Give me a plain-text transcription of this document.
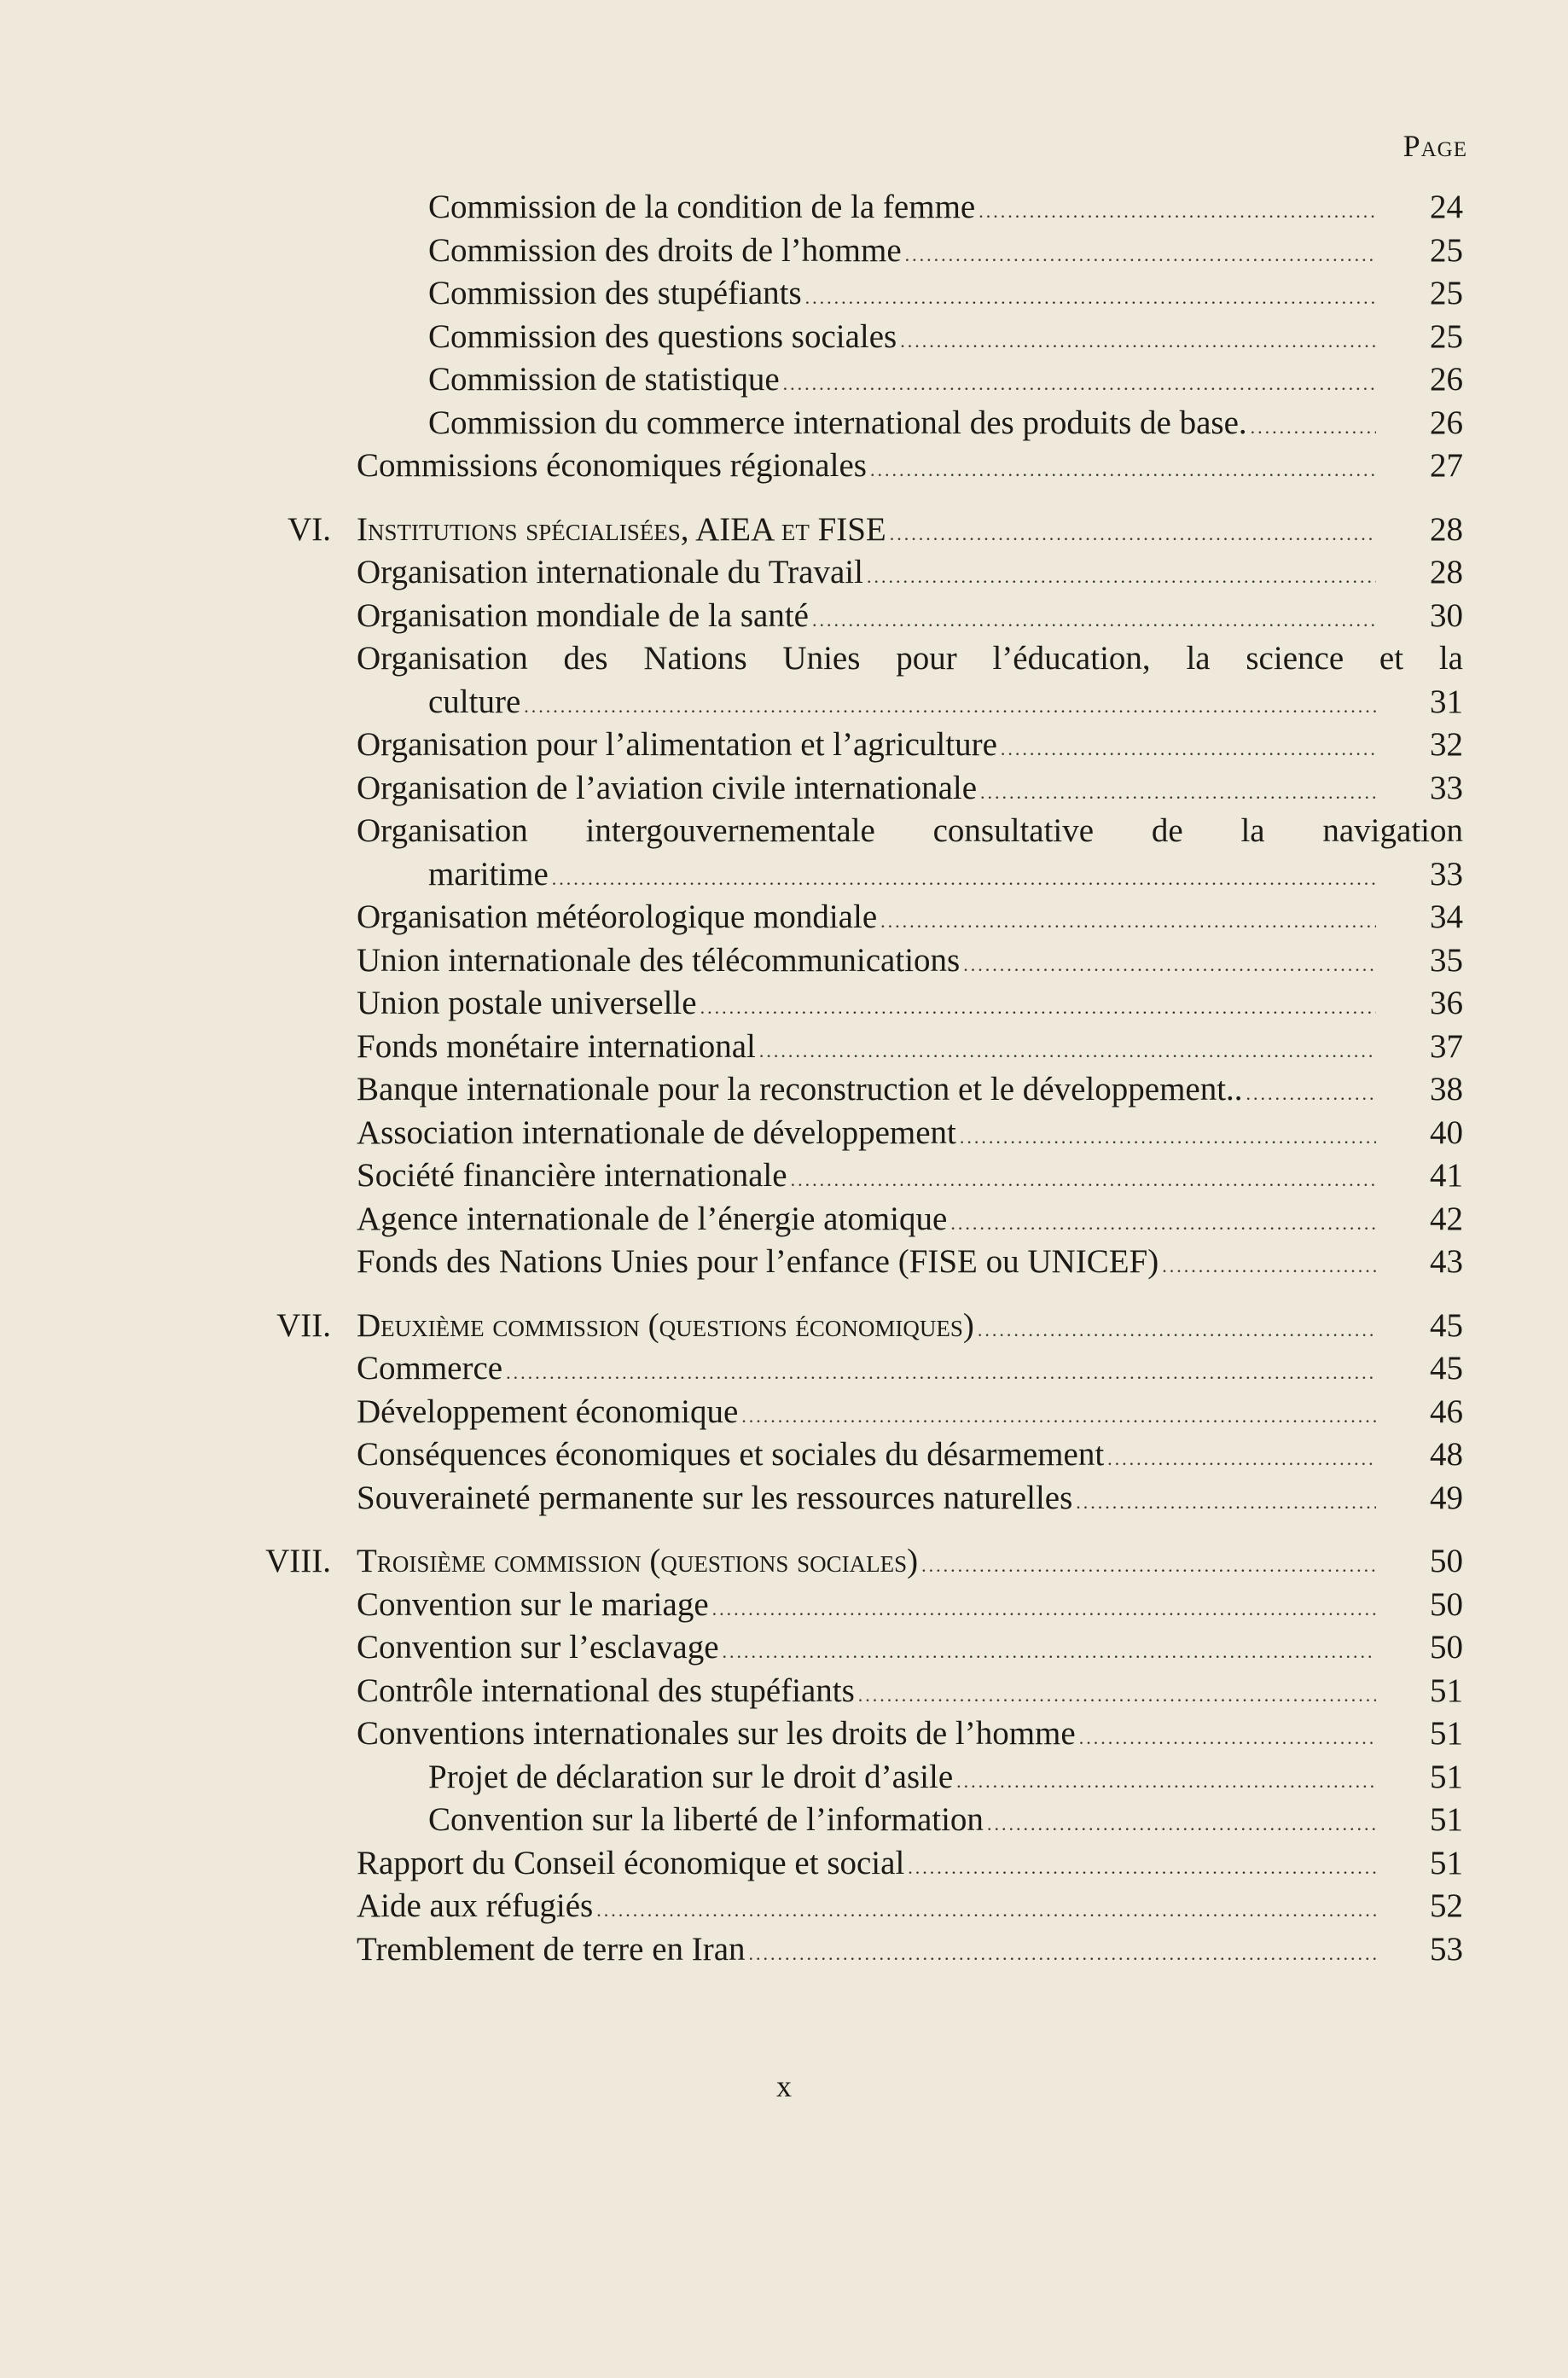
Page
Commission de la condition de la femme .....	24
Commission des droits de l’homme .....	25
Commission des stupéfiants .....	25
Commission des questions sociales .....	25
Commission de statistique .....	26
Commission du commerce international des produits de base. .....	26
Commissions économiques régionales .....	27
VI. Institutions spécialisées, AIEA et FISE .....	28
Organisation internationale du Travail .....	28
Organisation mondiale de la santé .....	30
Organisation des Nations Unies pour l’éducation, la science et la
culture .....	31
Organisation pour l’alimentation et l’agriculture .....	32
Organisation de l’aviation civile internationale .....	33
Organisation intergouvernementale consultative de la navigation
maritime .....	33
Organisation météorologique mondiale .....	34
Union internationale des télécommunications .....	35
Union postale universelle .....	36
Fonds monétaire international .....	37
Banque internationale pour la reconstruction et le développement.. .....	38
Association internationale de développement .....	40
Société financière internationale .....	41
Agence internationale de l’énergie atomique .....	42
Fonds des Nations Unies pour l’enfance (FISE ou UNICEF) .....	43
VII. Deuxième commission (questions économiques) .....	45
Commerce .....	45
Développement économique .....	46
Conséquences économiques et sociales du désarmement .....	48
Souveraineté permanente sur les ressources naturelles .....	49
VIII. Troisième commission (questions sociales) .....	50
Convention sur le mariage .....	50
Convention sur l’esclavage .....	50
Contrôle international des stupéfiants .....	51
Conventions internationales sur les droits de l’homme .....	51
Projet de déclaration sur le droit d’asile .....	51
Convention sur la liberté de l’information .....	51
Rapport du Conseil économique et social .....	51
Aide aux réfugiés .....	52
Tremblement de terre en Iran .....	53
x
